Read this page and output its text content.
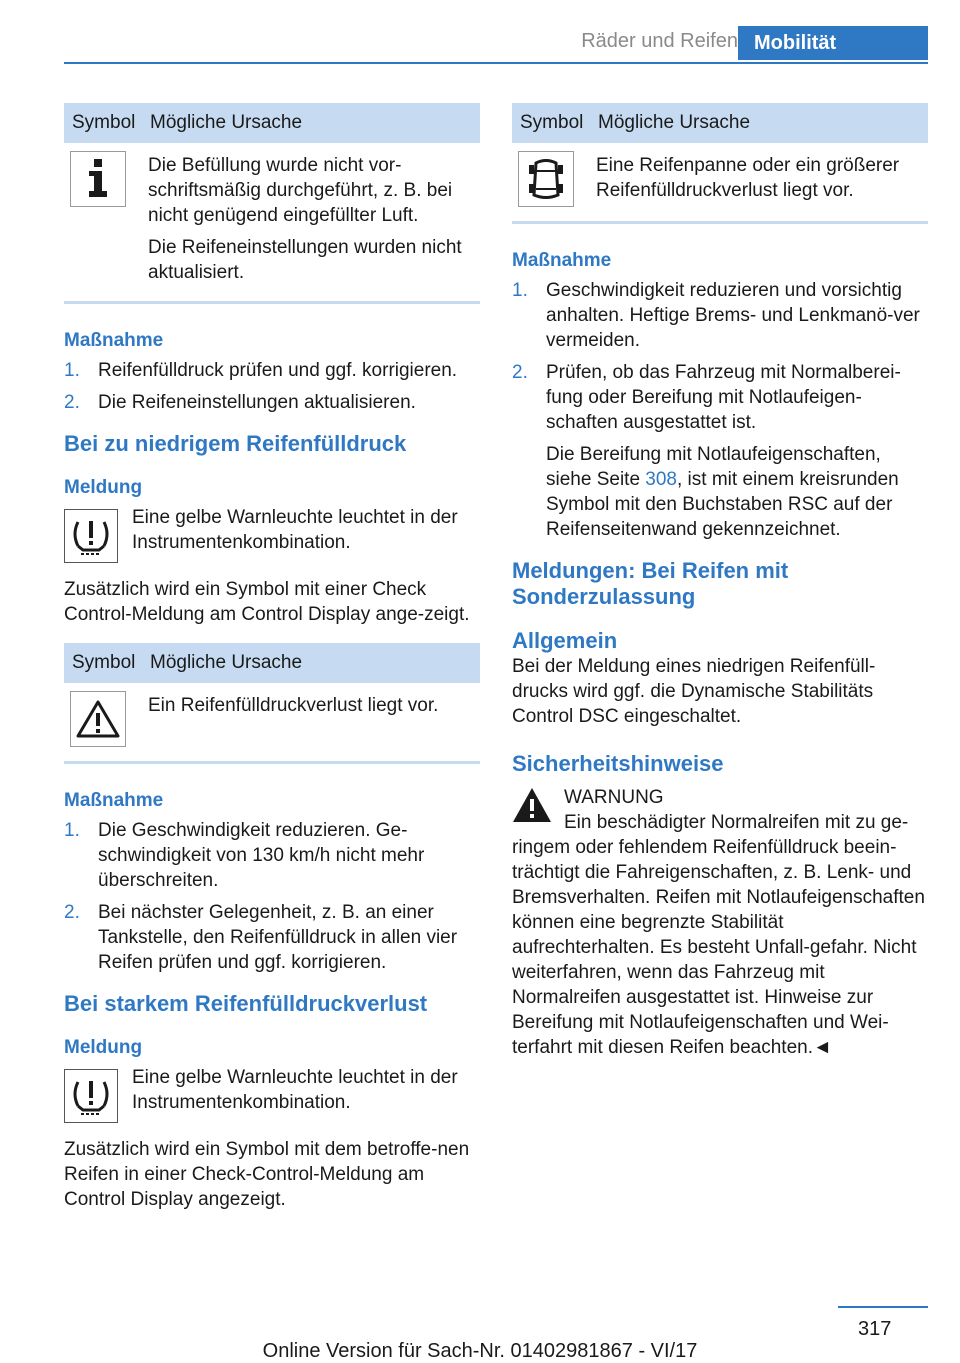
Räder und Reifen Mobilität
Symbol	Mögliche Ursache

Die Befüllung wurde nicht vor-schriftsmäßig durchgeführt, z. B. bei nicht genügend eingefüllter Luft.

Die Reifeneinstellungen wurden nicht aktualisiert.

Maßnahme
1. Reifenfülldruck prüfen und ggf. korrigieren.
2. Die Reifeneinstellungen aktualisieren.
Bei zu niedrigem Reifenfülldruck
Meldung

Eine gelbe Warnleuchte leuchtet in der Instrumentenkombination.

Zusätzlich wird ein Symbol mit einer Check Control-Meldung am Control Display ange-zeigt.

Symbol	Mögliche Ursache

Ein Reifenfülldruckverlust liegt vor.

Maßnahme
1. Die Geschwindigkeit reduzieren. Ge-schwindigkeit von 130 km/h nicht mehr überschreiten.
2. Bei nächster Gelegenheit, z. B. an einer Tankstelle, den Reifenfülldruck in allen vier Reifen prüfen und ggf. korrigieren.
Bei starkem Reifenfülldruckverlust
Meldung

Eine gelbe Warnleuchte leuchtet in der Instrumentenkombination.

Zusätzlich wird ein Symbol mit dem betroffe-nen Reifen in einer Check-Control-Meldung am Control Display angezeigt.

Symbol	Mögliche Ursache

Eine Reifenpanne oder ein größerer Reifenfülldruckverlust liegt vor.

Maßnahme
1. Geschwindigkeit reduzieren und vorsichtig anhalten. Heftige Brems- und Lenkmanö-ver vermeiden.
2. Prüfen, ob das Fahrzeug mit Normalberei-fung oder Bereifung mit Notlaufeigen-schaften ausgestattet ist.

Die Bereifung mit Notlaufeigenschaften, siehe Seite 308, ist mit einem kreisrunden Symbol mit den Buchstaben RSC auf der Reifenseitenwand gekennzeichnet.

Meldungen: Bei Reifen mit Sonderzulassung
Allgemein

Bei der Meldung eines niedrigen Reifenfüll-drucks wird ggf. die Dynamische Stabilitäts Control DSC eingeschaltet.

Sicherheitshinweise

WARNUNG

Ein beschädigter Normalreifen mit zu ge-

ringem oder fehlendem Reifenfülldruck beein-trächtigt die Fahreigenschaften, z. B. Lenk- und Bremsverhalten. Reifen mit Notlaufeigenschaften können eine begrenzte Stabilität aufrechterhalten. Es besteht Unfall-gefahr. Nicht weiterfahren, wenn das Fahrzeug mit Normalreifen ausgestattet ist. Hinweise zur Bereifung mit Notlaufeigenschaften und Wei-terfahrt mit diesen Reifen beachten.◄

317
Online Version für Sach-Nr. 01402981867 - VI/17
